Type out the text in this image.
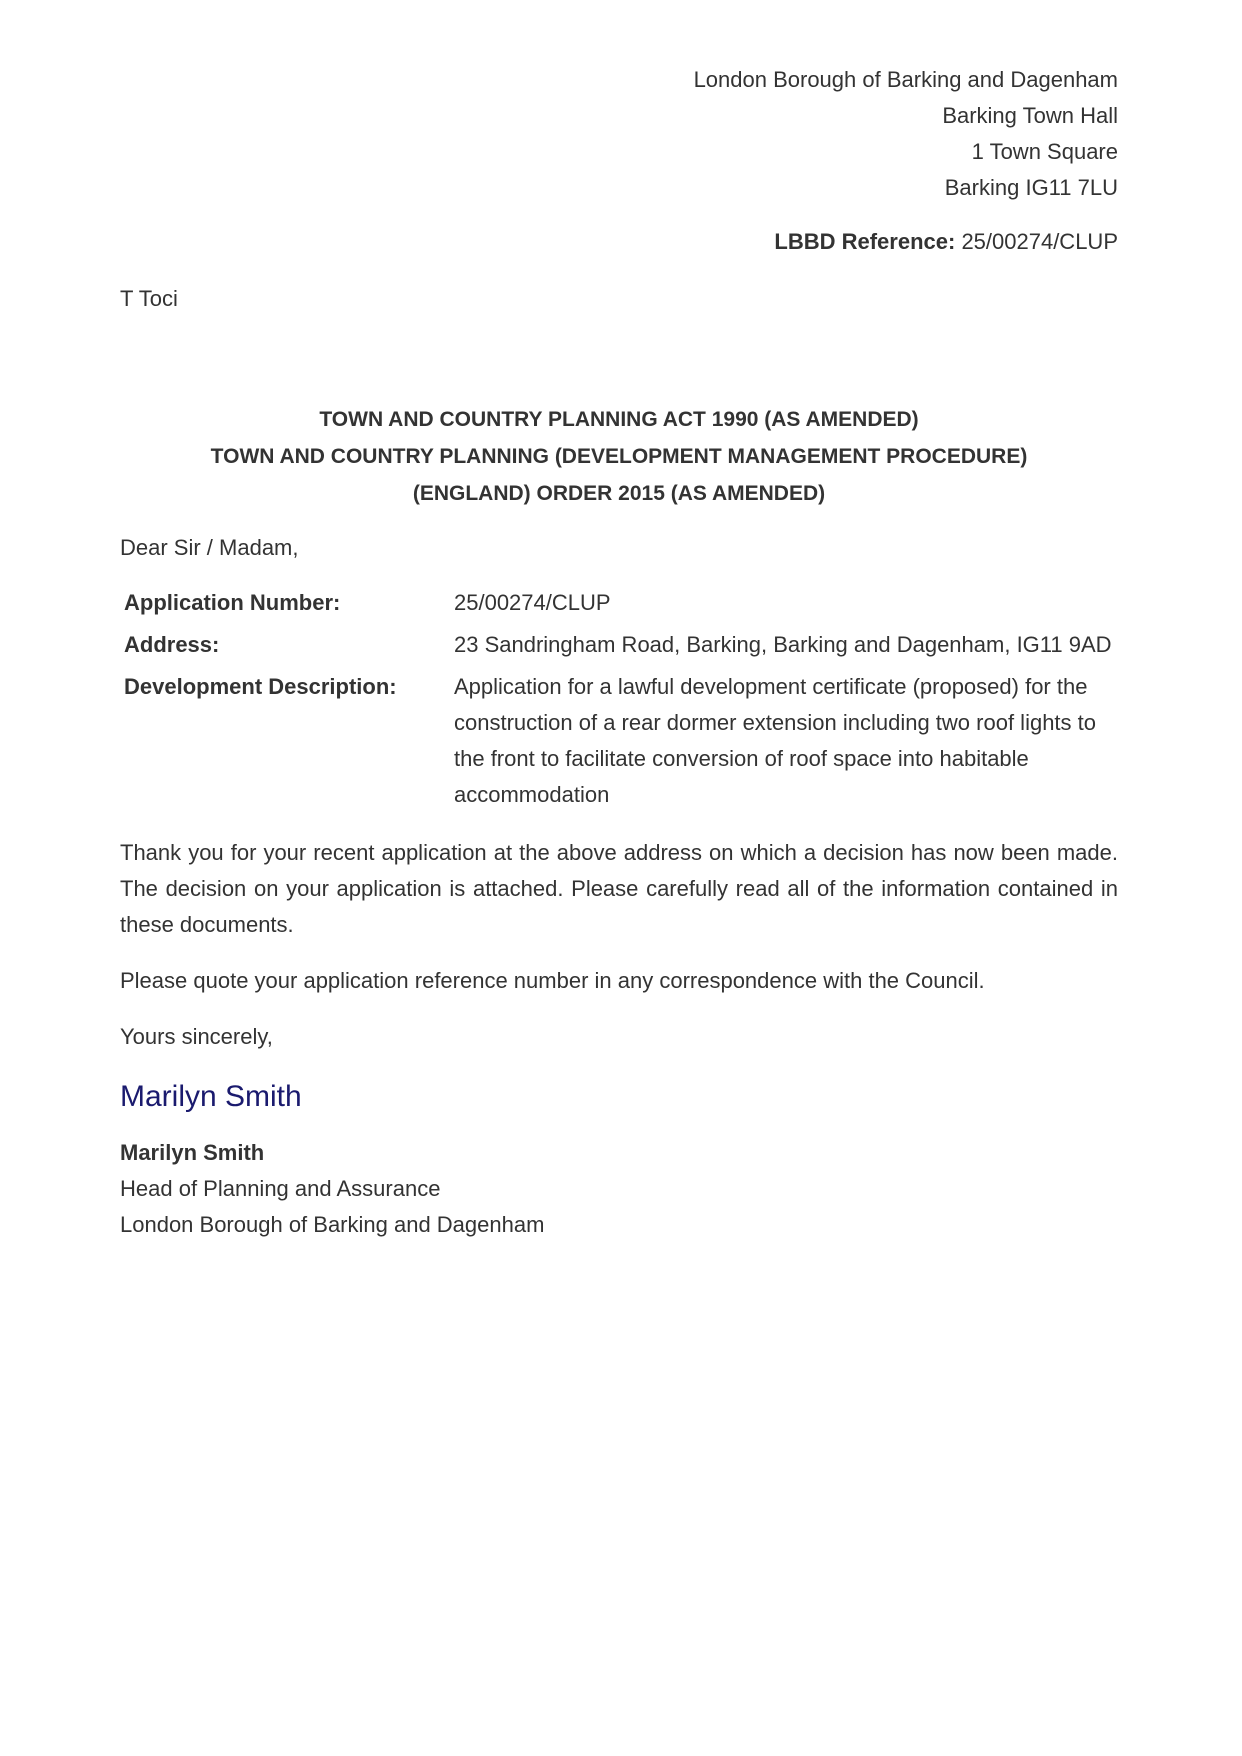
London Borough of Barking and Dagenham
Barking Town Hall
1 Town Square
Barking IG11 7LU
LBBD Reference: 25/00274/CLUP
T Toci
TOWN AND COUNTRY PLANNING ACT 1990 (AS AMENDED)
TOWN AND COUNTRY PLANNING (DEVELOPMENT MANAGEMENT PROCEDURE)
(ENGLAND) ORDER 2015 (AS AMENDED)
Dear Sir / Madam,
Application Number:	25/00274/CLUP
Address:	23 Sandringham Road, Barking, Barking and Dagenham, IG11 9AD
Development Description:	Application for a lawful development certificate (proposed) for the construction of a rear dormer extension including two roof lights to the front to facilitate conversion of roof space into habitable accommodation
Thank you for your recent application at the above address on which a decision has now been made. The decision on your application is attached. Please carefully read all of the information contained in these documents.
Please quote your application reference number in any correspondence with the Council.
Yours sincerely,
Marilyn Smith
Marilyn Smith
Head of Planning and Assurance
London Borough of Barking and Dagenham
